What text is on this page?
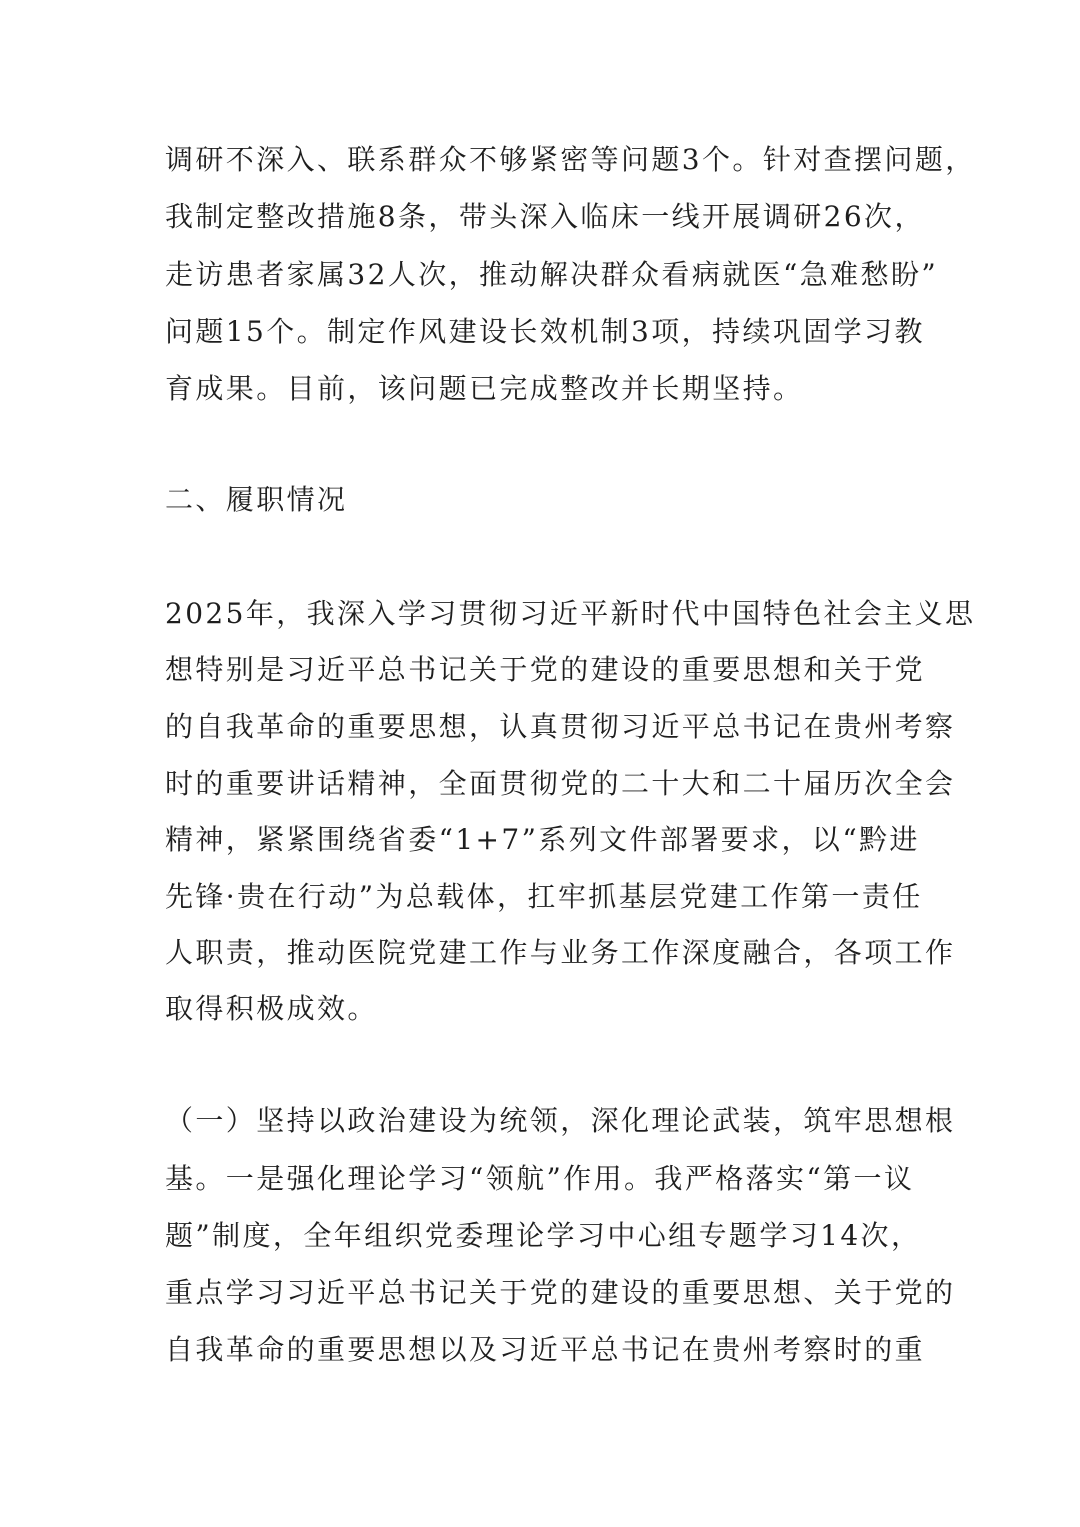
调研不深入、联系群众不够紧密等问题3个。针对查摆问题，
我制定整改措施8条，带头深入临床一线开展调研26次，
走访患者家属32人次，推动解决群众看病就医“急难愁盼”
问题15个。制定作风建设长效机制3项，持续巩固学习教
育成果。目前，该问题已完成整改并长期坚持。
二、履职情况
2025年，我深入学习贯彻习近平新时代中国特色社会主义思
想特别是习近平总书记关于党的建设的重要思想和关于党
的自我革命的重要思想，认真贯彻习近平总书记在贵州考察
时的重要讲话精神，全面贯彻党的二十大和二十届历次全会
精神，紧紧围绕省委“1+7”系列文件部署要求，以“黔进
先锋·贵在行动”为总载体，扛牢抓基层党建工作第一责任
人职责，推动医院党建工作与业务工作深度融合，各项工作
取得积极成效。
（一）坚持以政治建设为统领，深化理论武装，筑牢思想根
基。一是强化理论学习“领航”作用。我严格落实“第一议
题”制度，全年组织党委理论学习中心组专题学习14次，
重点学习习近平总书记关于党的建设的重要思想、关于党的
自我革命的重要思想以及习近平总书记在贵州考察时的重
